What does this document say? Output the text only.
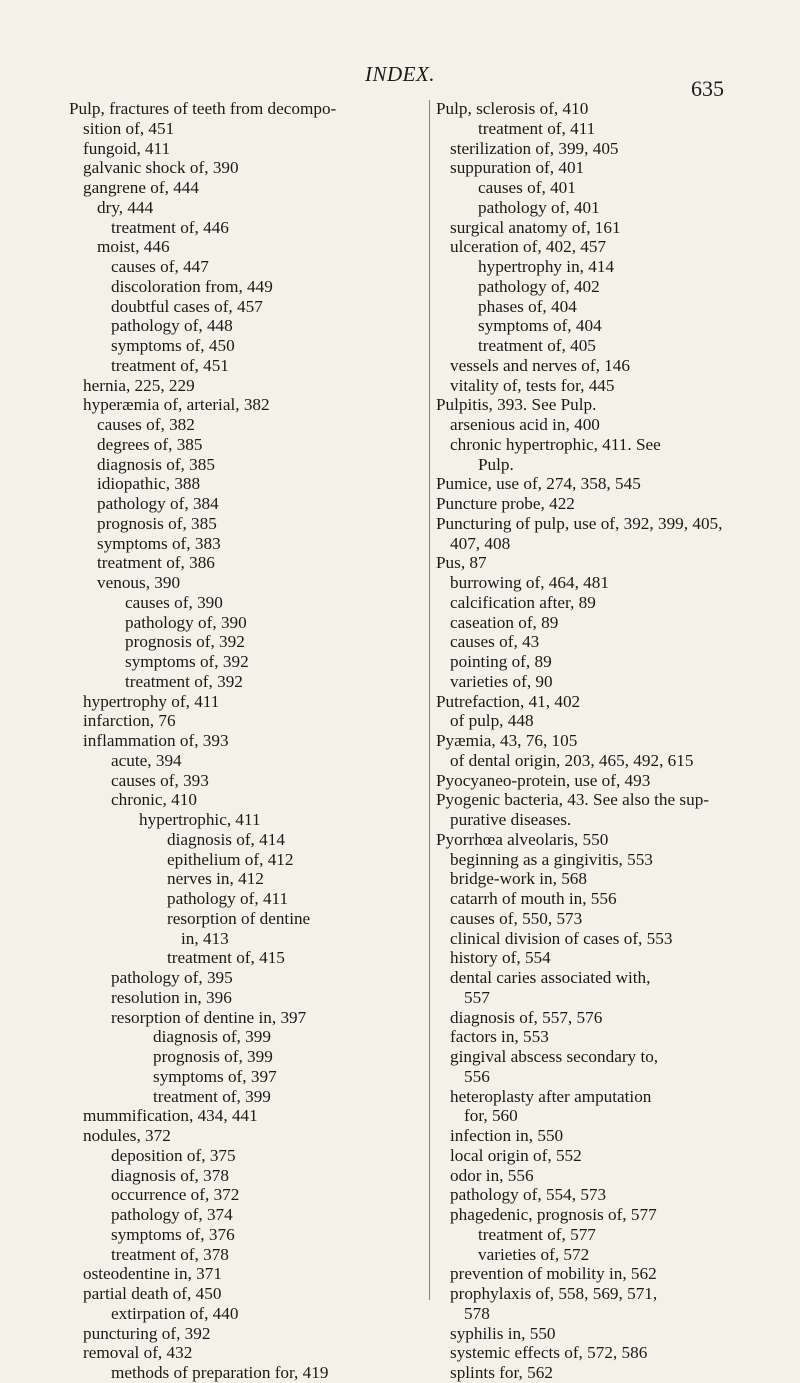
INDEX.
635
Pulp, fractures of teeth from decompo-
sition of, 451
fungoid, 411
galvanic shock of, 390
gangrene of, 444
dry, 444
treatment of, 446
moist, 446
causes of, 447
discoloration from, 449
doubtful cases of, 457
pathology of, 448
symptoms of, 450
treatment of, 451
hernia, 225, 229
hyperæmia of, arterial, 382
causes of, 382
degrees of, 385
diagnosis of, 385
idiopathic, 388
pathology of, 384
prognosis of, 385
symptoms of, 383
treatment of, 386
venous, 390
causes of, 390
pathology of, 390
prognosis of, 392
symptoms of, 392
treatment of, 392
hypertrophy of, 411
infarction, 76
inflammation of, 393
acute, 394
causes of, 393
chronic, 410
hypertrophic, 411
diagnosis of, 414
epithelium of, 412
nerves in, 412
pathology of, 411
resorption of dentine
in, 413
treatment of, 415
pathology of, 395
resolution in, 396
resorption of dentine in, 397
diagnosis of, 399
prognosis of, 399
symptoms of, 397
treatment of, 399
mummification, 434, 441
nodules, 372
deposition of, 375
diagnosis of, 378
occurrence of, 372
pathology of, 374
symptoms of, 376
treatment of, 378
osteodentine in, 371
partial death of, 450
extirpation of, 440
puncturing of, 392
removal of, 432
methods of preparation for, 419
Pulp, sclerosis of, 410
treatment of, 411
sterilization of, 399, 405
suppuration of, 401
causes of, 401
pathology of, 401
surgical anatomy of, 161
ulceration of, 402, 457
hypertrophy in, 414
pathology of, 402
phases of, 404
symptoms of, 404
treatment of, 405
vessels and nerves of, 146
vitality of, tests for, 445
Pulpitis, 393. See Pulp.
arsenious acid in, 400
chronic hypertrophic, 411. See
Pulp.
Pumice, use of, 274, 358, 545
Puncture probe, 422
Puncturing of pulp, use of, 392, 399, 405,
407, 408
Pus, 87
burrowing of, 464, 481
calcification after, 89
caseation of, 89
causes of, 43
pointing of, 89
varieties of, 90
Putrefaction, 41, 402
of pulp, 448
Pyæmia, 43, 76, 105
of dental origin, 203, 465, 492, 615
Pyocyaneo-protein, use of, 493
Pyogenic bacteria, 43. See also the sup-
purative diseases.
Pyorrhœa alveolaris, 550
beginning as a gingivitis, 553
bridge-work in, 568
catarrh of mouth in, 556
causes of, 550, 573
clinical division of cases of, 553
history of, 554
dental caries associated with,
557
diagnosis of, 557, 576
factors in, 553
gingival abscess secondary to,
556
heteroplasty after amputation
for, 560
infection in, 550
local origin of, 552
odor in, 556
pathology of, 554, 573
phagedenic, prognosis of, 577
treatment of, 577
varieties of, 572
prevention of mobility in, 562
prophylaxis of, 558, 569, 571,
578
syphilis in, 550
systemic effects of, 572, 586
splints for, 562
